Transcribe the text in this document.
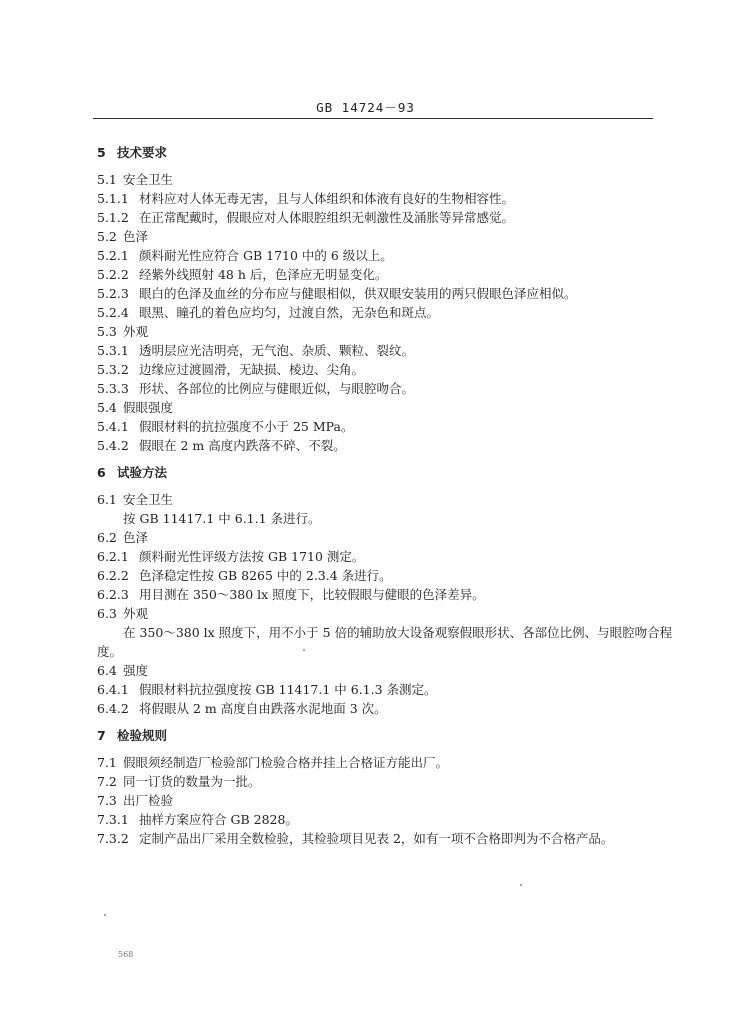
GB 14724－93
5 技术要求
5.1 安全卫生
5.1.1 材料应对人体无毒无害，且与人体组织和体液有良好的生物相容性。
5.1.2 在正常配戴时，假眼应对人体眼腔组织无刺激性及涌胀等异常感觉。
5.2 色泽
5.2.1 颜料耐光性应符合 GB 1710 中的 6 级以上。
5.2.2 经紫外线照射 48 h 后，色泽应无明显变化。
5.2.3 眼白的色泽及血丝的分布应与健眼相似，供双眼安装用的两只假眼色泽应相似。
5.2.4 眼黑、瞳孔的着色应均匀，过渡自然，无杂色和斑点。
5.3 外观
5.3.1 透明层应光洁明亮，无气泡、杂质、颗粒、裂纹。
5.3.2 边缘应过渡圆滑，无缺损、棱边、尖角。
5.3.3 形状、各部位的比例应与健眼近似，与眼腔吻合。
5.4 假眼强度
5.4.1 假眼材料的抗拉强度不小于 25 MPa。
5.4.2 假眼在 2 m 高度内跌落不碎、不裂。
6 试验方法
6.1 安全卫生
按 GB 11417.1 中 6.1.1 条进行。
6.2 色泽
6.2.1 颜料耐光性评级方法按 GB 1710 测定。
6.2.2 色泽稳定性按 GB 8265 中的 2.3.4 条进行。
6.2.3 用目测在 350～380 lx 照度下，比较假眼与健眼的色泽差异。
6.3 外观
在 350～380 lx 照度下，用不小于 5 倍的辅助放大设备观察假眼形状、各部位比例、与眼腔吻合程
度。
6.4 强度
6.4.1 假眼材料抗拉强度按 GB 11417.1 中 6.1.3 条测定。
6.4.2 将假眼从 2 m 高度自由跌落水泥地面 3 次。
7 检验规则
7.1 假眼须经制造厂检验部门检验合格并挂上合格证方能出厂。
7.2 同一订货的数量为一批。
7.3 出厂检验
7.3.1 抽样方案应符合 GB 2828。
7.3.2 定制产品出厂采用全数检验，其检验项目见表 2，如有一项不合格即判为不合格产品。
568
